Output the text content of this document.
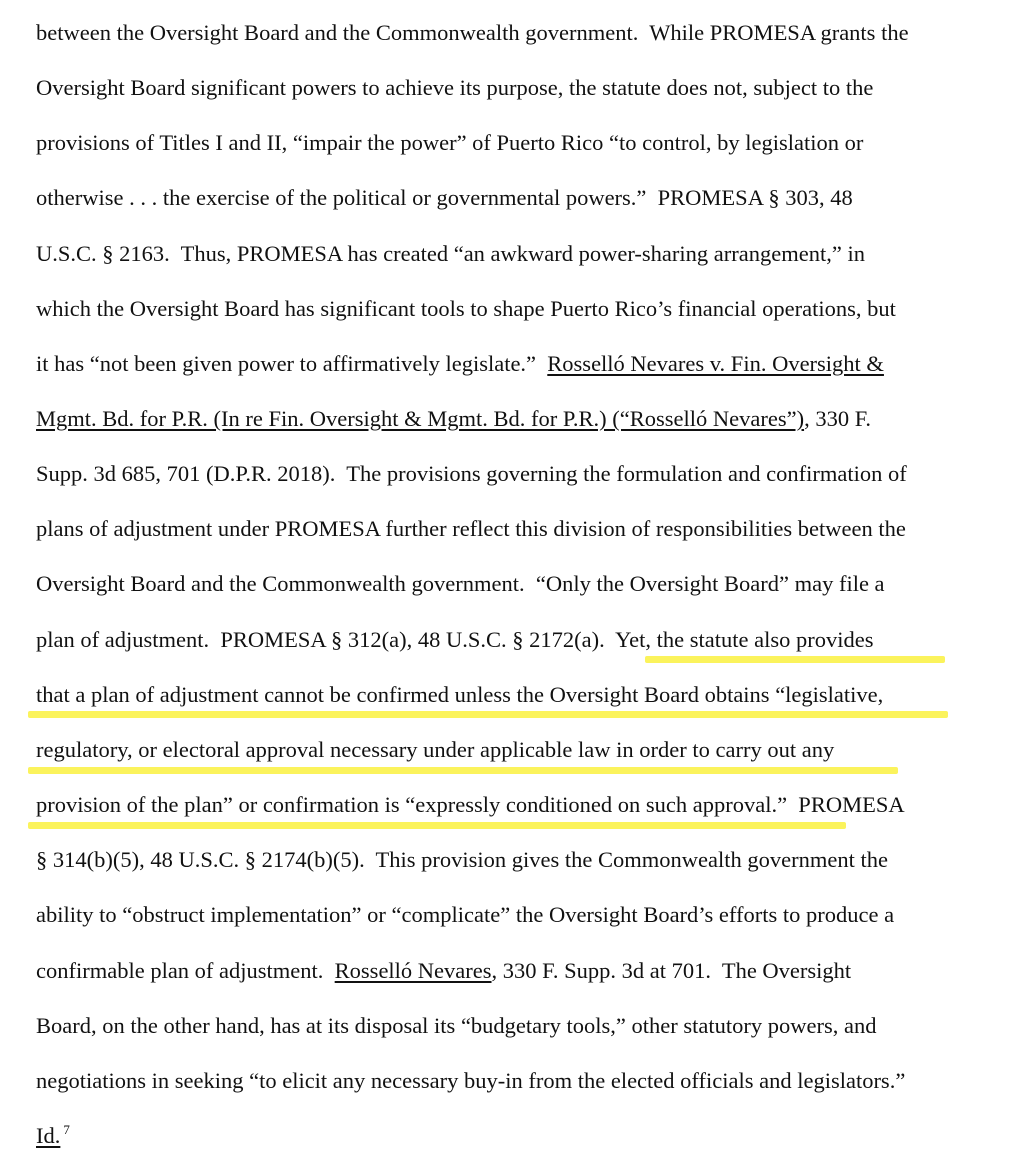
between the Oversight Board and the Commonwealth government.  While PROMESA grants the

Oversight Board significant powers to achieve its purpose, the statute does not, subject to the

provisions of Titles I and II, “impair the power” of Puerto Rico “to control, by legislation or

otherwise . . . the exercise of the political or governmental powers.”  PROMESA § 303, 48

U.S.C. § 2163.  Thus, PROMESA has created “an awkward power-sharing arrangement,” in

which the Oversight Board has significant tools to shape Puerto Rico’s financial operations, but

it has “not been given power to affirmatively legislate.”  Rosselló Nevares v. Fin. Oversight &

Mgmt. Bd. for P.R. (In re Fin. Oversight & Mgmt. Bd. for P.R.) (“Rosselló Nevares”), 330 F.

Supp. 3d 685, 701 (D.P.R. 2018).  The provisions governing the formulation and confirmation of

plans of adjustment under PROMESA further reflect this division of responsibilities between the

Oversight Board and the Commonwealth government.  “Only the Oversight Board” may file a

plan of adjustment.  PROMESA § 312(a), 48 U.S.C. § 2172(a).  Yet, the statute also provides

that a plan of adjustment cannot be confirmed unless the Oversight Board obtains “legislative,

regulatory, or electoral approval necessary under applicable law in order to carry out any

provision of the plan” or confirmation is “expressly conditioned on such approval.”  PROMESA

§ 314(b)(5), 48 U.S.C. § 2174(b)(5).  This provision gives the Commonwealth government the

ability to “obstruct implementation” or “complicate” the Oversight Board’s efforts to produce a

confirmable plan of adjustment.  Rosselló Nevares, 330 F. Supp. 3d at 701.  The Oversight

Board, on the other hand, has at its disposal its “budgetary tools,” other statutory powers, and

negotiations in seeking “to elicit any necessary buy-in from the elected officials and legislators.”

Id. $^7$
